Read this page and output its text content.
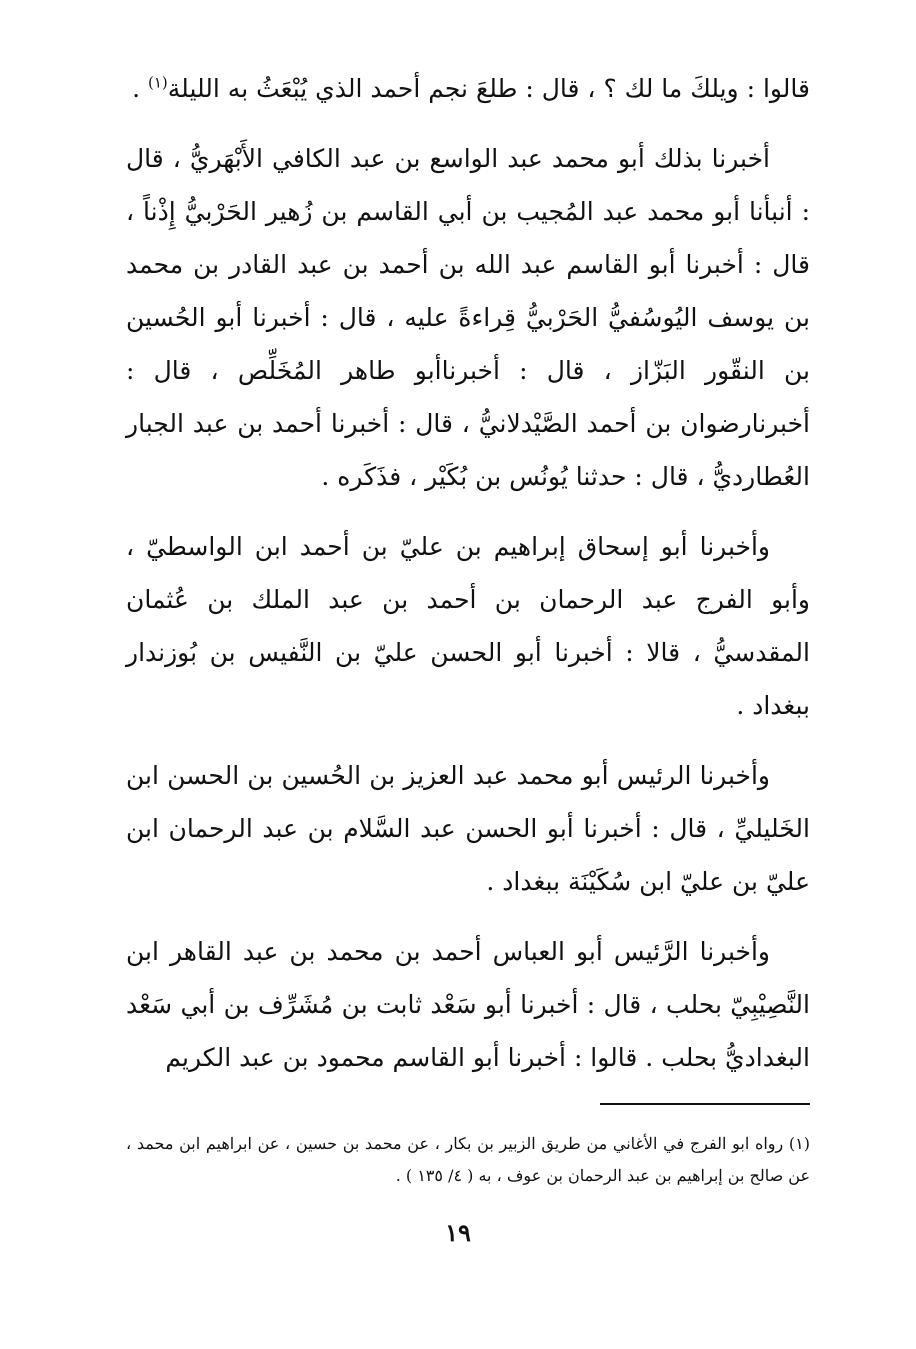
قالوا : ويلكَ ما لك ؟ ، قال : طلعَ نجم أحمد الذي يُبْعَثُ به الليلة$^{(١)}$ .

أخبرنا بذلك أبو محمد عبد الواسع بن عبد الكافي الأَبْهَريُّ ، قال : أنبأنا أبو محمد عبد المُجيب بن أبي القاسم بن زُهير الحَرْبيُّ إِذْناً ، قال : أخبرنا أبو القاسم عبد الله بن أحمد بن عبد القادر بن محمد بن يوسف اليُوسُفيُّ الحَرْبيُّ قِراءةً عليه ، قال : أخبرنا أبو الحُسين بن النقّور البَزّاز ، قال : أخبرناأبو طاهر المُخَلِّص ، قال : أخبرنارضوان بن أحمد الصَّيْدلانيُّ ، قال : أخبرنا أحمد بن عبد الجبار العُطارديُّ ، قال : حدثنا يُونُس بن بُكَيْر ، فذَكَره .

وأخبرنا أبو إسحاق إبراهيم بن عليّ بن أحمد ابن الواسطيّ ، وأبو الفرج عبد الرحمان بن أحمد بن عبد الملك بن عُثمان المقدسيُّ ، قالا : أخبرنا أبو الحسن عليّ بن النَّفيس بن بُوزندار ببغداد .

وأخبرنا الرئيس أبو محمد عبد العزيز بن الحُسين بن الحسن ابن الخَليليِّ ، قال : أخبرنا أبو الحسن عبد السَّلام بن عبد الرحمان ابن عليّ بن عليّ ابن سُكَيْنَة ببغداد .

وأخبرنا الرَّئيس أبو العباس أحمد بن محمد بن عبد القاهر ابن النَّصِيْبِيّ بحلب ، قال : أخبرنا أبو سَعْد ثابت بن مُشَرِّف بن أبي سَعْد البغداديُّ بحلب . قالوا : أخبرنا أبو القاسم محمود بن عبد الكريم

(١) رواه ابو الفرج في الأغاني من طريق الزبير بن بكار ، عن محمد بن حسين ، عن ابراهيم ابن محمد ، عن صالح بن إبراهيم بن عبد الرحمان بن عوف ، به ( ٤/ ١٣٥ ) .

١٩
